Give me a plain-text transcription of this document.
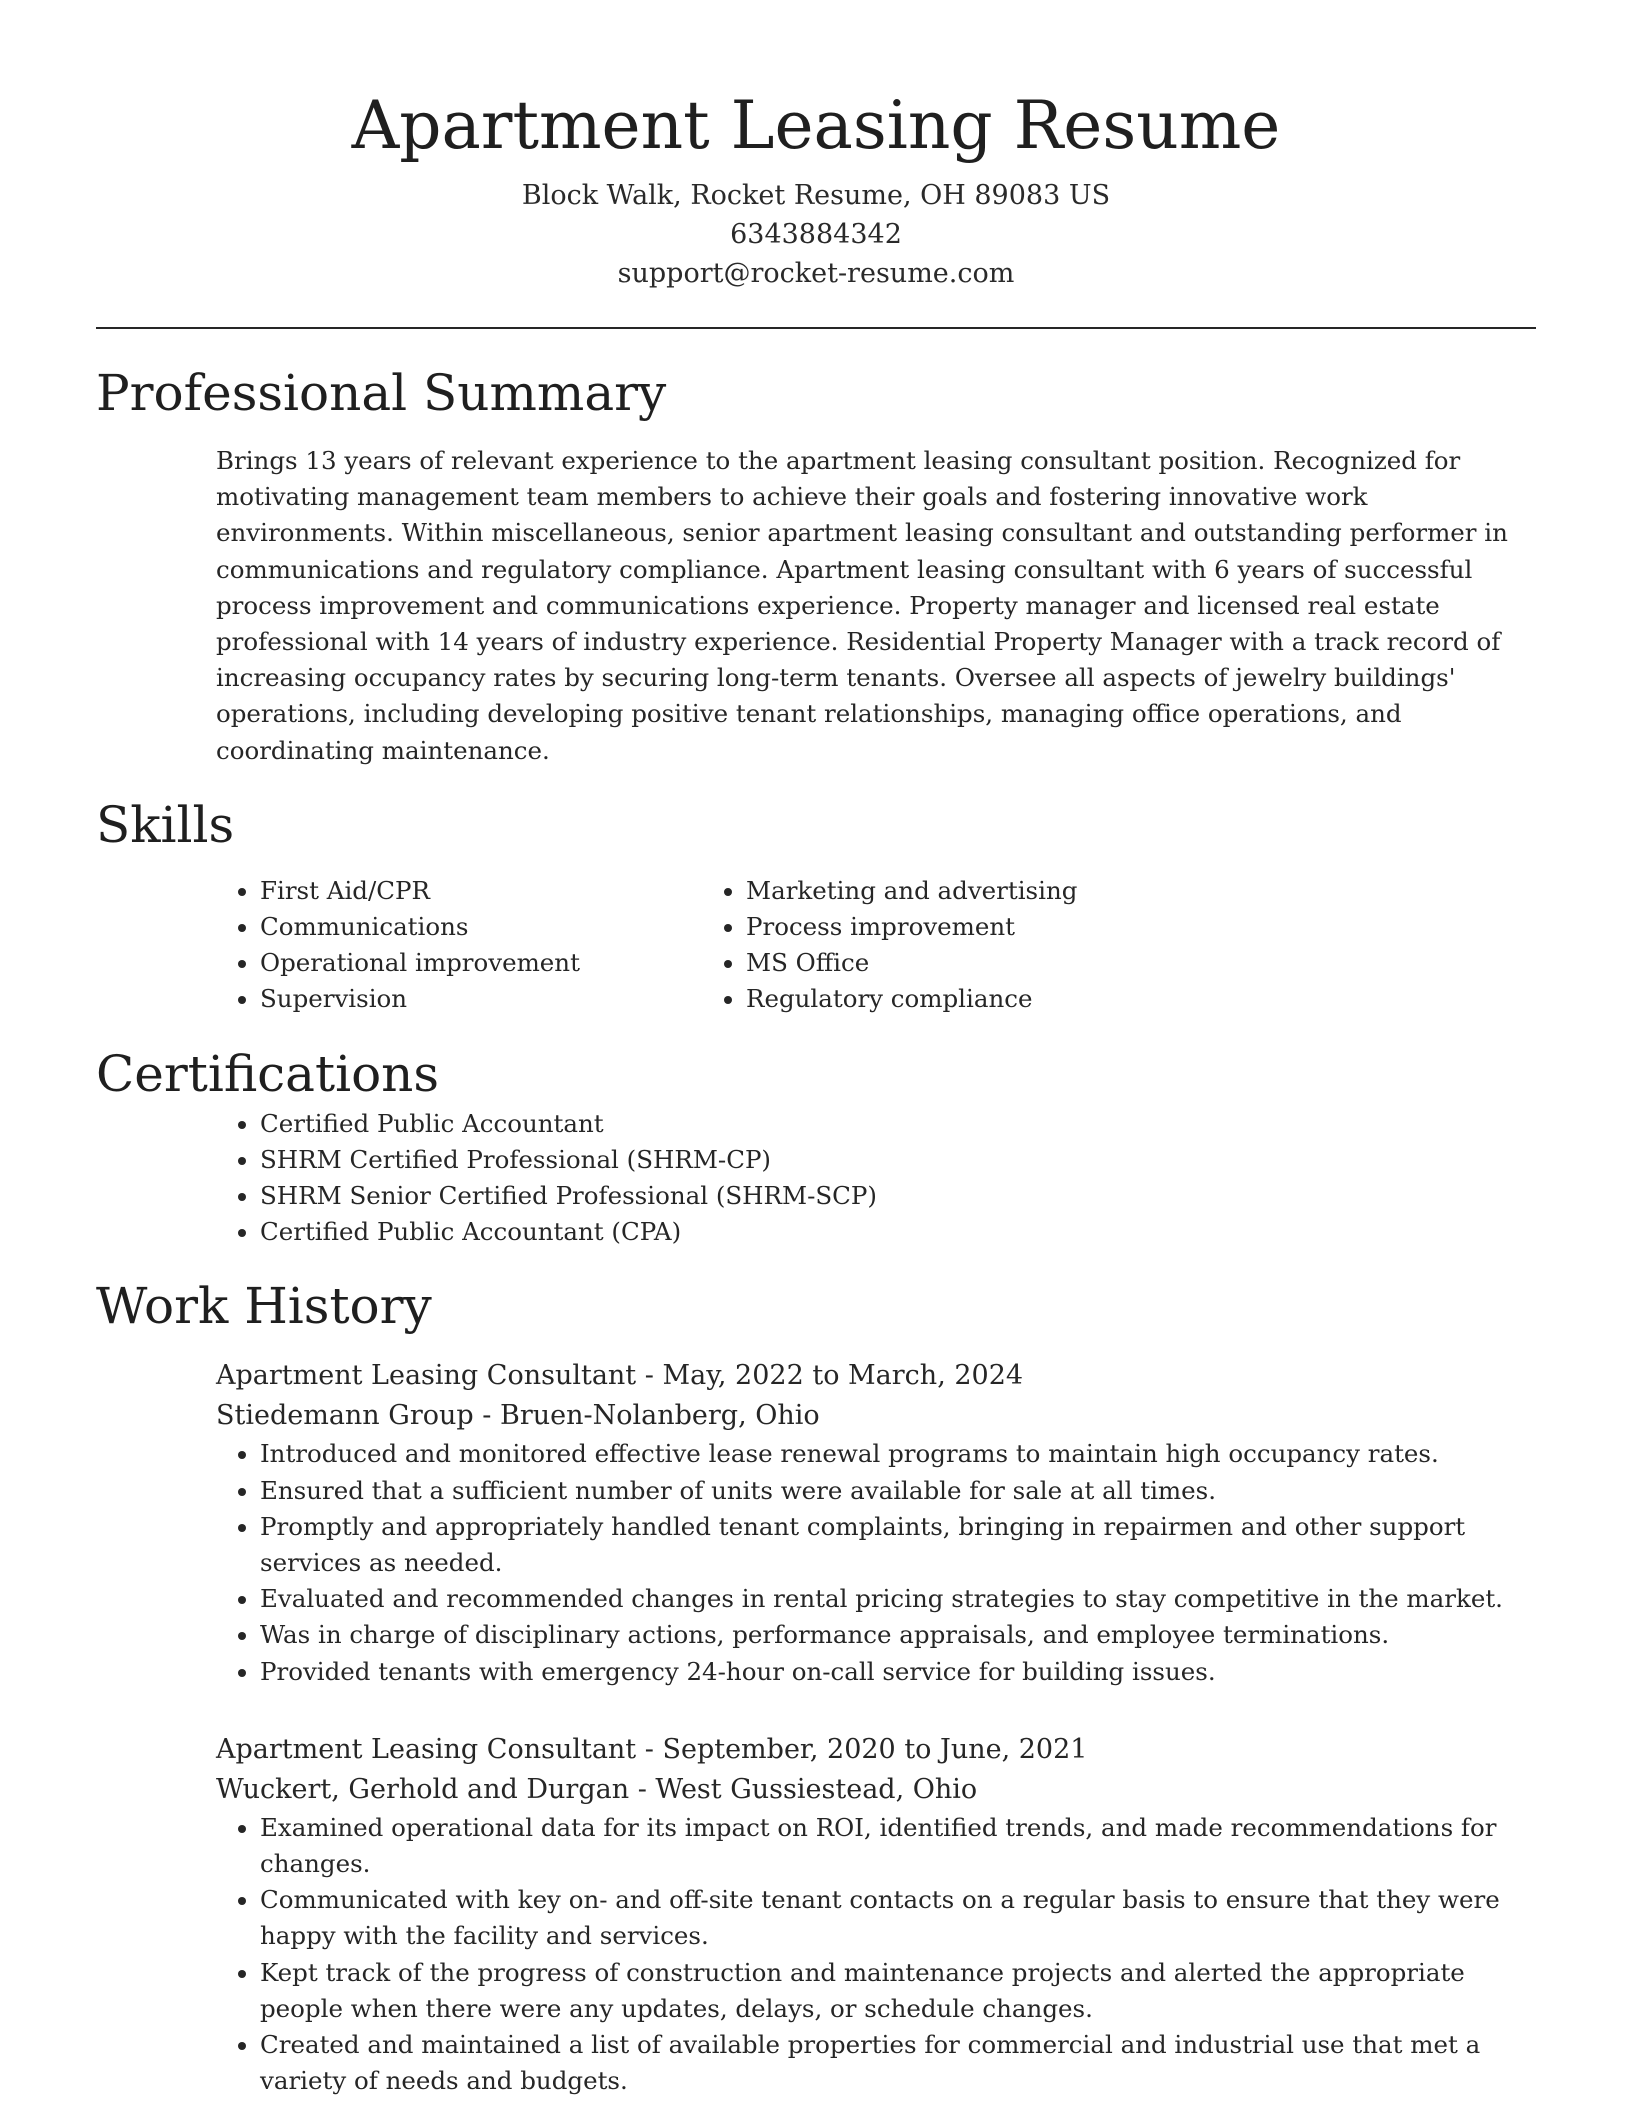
Apartment Leasing Resume

Block Walk, Rocket Resume, OH 89083 US

6343884342

support@rocket-resume.com

Professional Summary

Brings 13 years of relevant experience to the apartment leasing consultant position. Recognized for motivating management team members to achieve their goals and fostering innovative work environments. Within miscellaneous, senior apartment leasing consultant and outstanding performer in communications and regulatory compliance. Apartment leasing consultant with 6 years of successful process improvement and communications experience. Property manager and licensed real estate professional with 14 years of industry experience. Residential Property Manager with a track record of increasing occupancy rates by securing long-term tenants. Oversee all aspects of jewelry buildings' operations, including developing positive tenant relationships, managing office operations, and coordinating maintenance.

Skills
• First Aid/CPR
• Communications
• Operational improvement
• Supervision
• Marketing and advertising
• Process improvement
• MS Office
• Regulatory compliance
Certifications
• Certified Public Accountant
• SHRM Certified Professional (SHRM-CP)
• SHRM Senior Certified Professional (SHRM-SCP)
• Certified Public Accountant (CPA)
Work History

Apartment Leasing Consultant - May, 2022 to March, 2024

Stiedemann Group - Bruen-Nolanberg, Ohio

• Introduced and monitored effective lease renewal programs to maintain high occupancy rates.
• Ensured that a sufficient number of units were available for sale at all times.
• Promptly and appropriately handled tenant complaints, bringing in repairmen and other support services as needed.
• Evaluated and recommended changes in rental pricing strategies to stay competitive in the market.
• Was in charge of disciplinary actions, performance appraisals, and employee terminations.
• Provided tenants with emergency 24-hour on-call service for building issues.

Apartment Leasing Consultant - September, 2020 to June, 2021

Wuckert, Gerhold and Durgan - West Gussiestead, Ohio

• Examined operational data for its impact on ROI, identified trends, and made recommendations for changes.
• Communicated with key on- and off-site tenant contacts on a regular basis to ensure that they were happy with the facility and services.
• Kept track of the progress of construction and maintenance projects and alerted the appropriate people when there were any updates, delays, or schedule changes.
• Created and maintained a list of available properties for commercial and industrial use that met a variety of needs and budgets.
